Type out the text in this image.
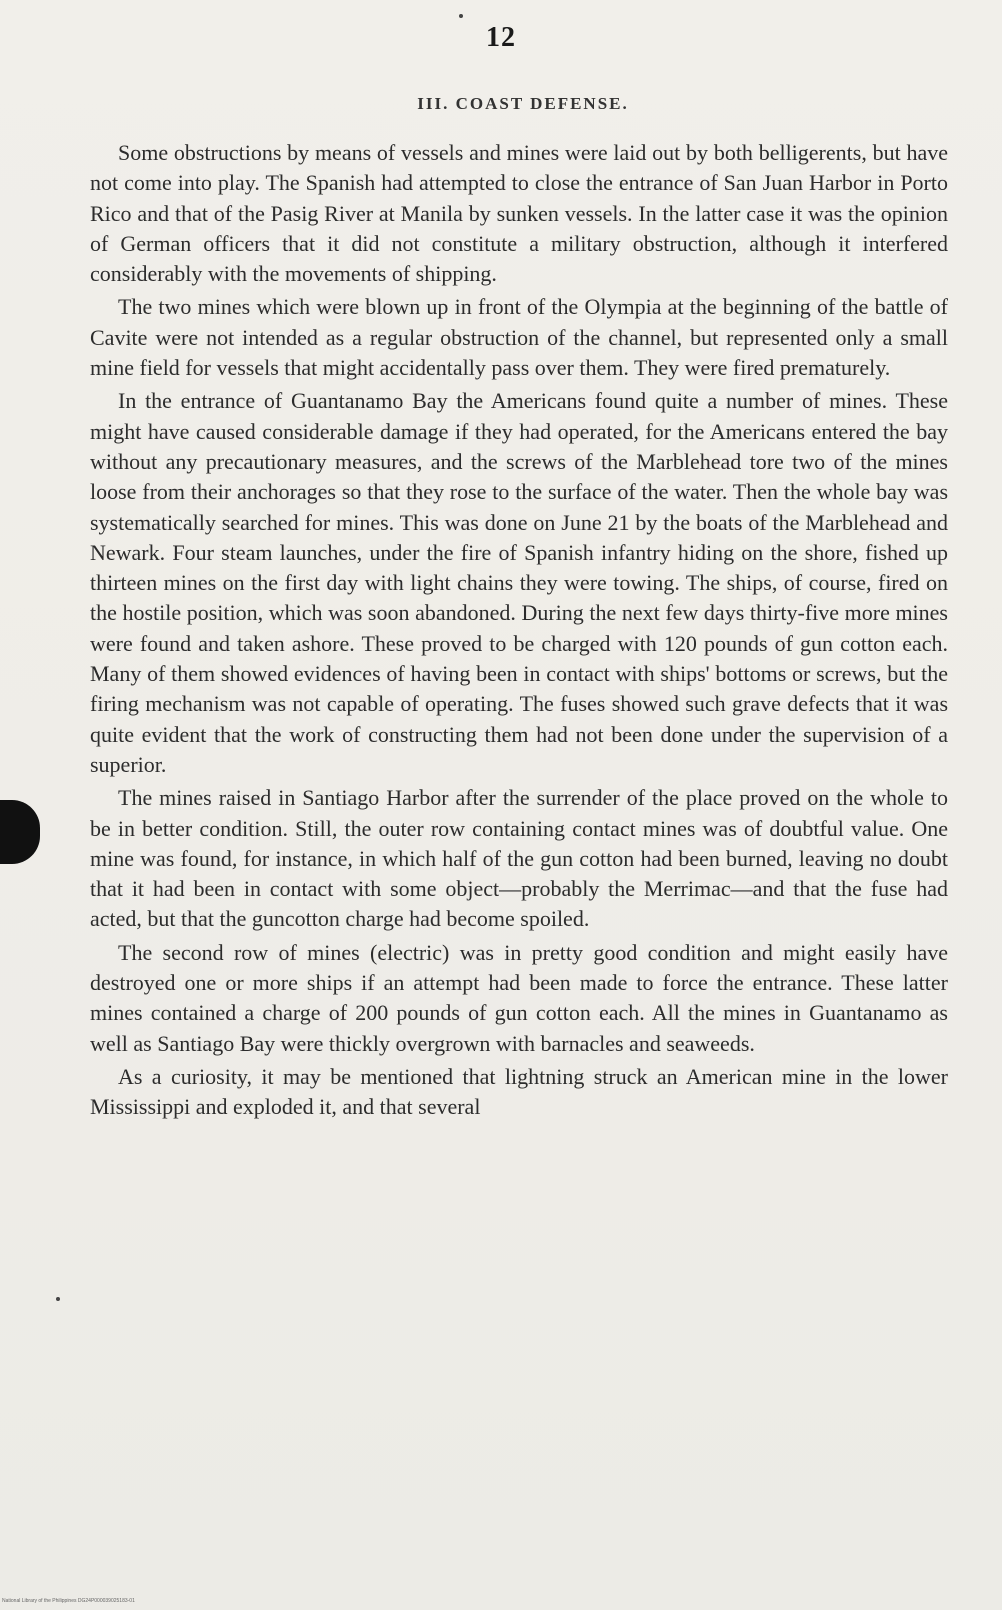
12
III. COAST DEFENSE.

Some obstructions by means of vessels and mines were laid out by both belligerents, but have not come into play. The Spanish had attempted to close the entrance of San Juan Harbor in Porto Rico and that of the Pasig River at Manila by sunken vessels. In the latter case it was the opinion of German officers that it did not constitute a military obstruction, although it interfered considerably with the movements of shipping.

The two mines which were blown up in front of the Olympia at the beginning of the battle of Cavite were not intended as a regular obstruction of the channel, but represented only a small mine field for vessels that might accidentally pass over them. They were fired prematurely.

In the entrance of Guantanamo Bay the Americans found quite a number of mines. These might have caused considerable damage if they had operated, for the Americans entered the bay without any precautionary measures, and the screws of the Marblehead tore two of the mines loose from their anchorages so that they rose to the surface of the water. Then the whole bay was systematically searched for mines. This was done on June 21 by the boats of the Marblehead and Newark. Four steam launches, under the fire of Spanish infantry hiding on the shore, fished up thirteen mines on the first day with light chains they were towing. The ships, of course, fired on the hostile position, which was soon abandoned. During the next few days thirty-five more mines were found and taken ashore. These proved to be charged with 120 pounds of gun cotton each. Many of them showed evidences of having been in contact with ships' bottoms or screws, but the firing mechanism was not capable of operating. The fuses showed such grave defects that it was quite evident that the work of constructing them had not been done under the supervision of a superior.

The mines raised in Santiago Harbor after the surrender of the place proved on the whole to be in better condition. Still, the outer row containing contact mines was of doubtful value. One mine was found, for instance, in which half of the gun cotton had been burned, leaving no doubt that it had been in contact with some object—probably the Merrimac—and that the fuse had acted, but that the guncotton charge had become spoiled.

The second row of mines (electric) was in pretty good condition and might easily have destroyed one or more ships if an attempt had been made to force the entrance. These latter mines contained a charge of 200 pounds of gun cotton each. All the mines in Guantanamo as well as Santiago Bay were thickly overgrown with barnacles and seaweeds.

As a curiosity, it may be mentioned that lightning struck an American mine in the lower Mississippi and exploded it, and that several

National Library of the Philippines DG24P000039025183-01
